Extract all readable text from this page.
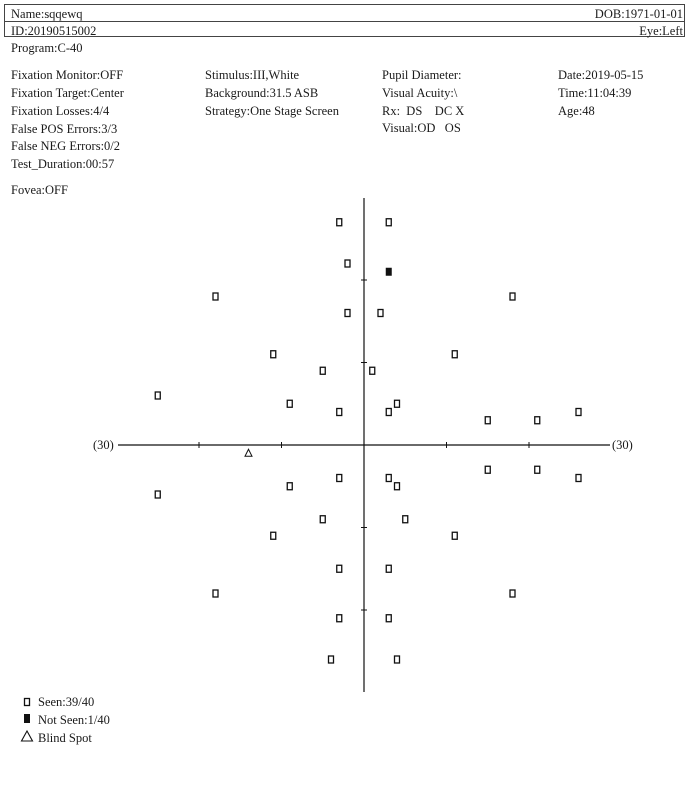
Name:sqqewq	DOB:1971-01-01
ID:20190515002	Eye:Left
Program:C-40
Fixation Monitor:OFF
Fixation Target:Center
Fixation Losses:4/4
False POS Errors:3/3
False NEG Errors:0/2
Test_Duration:00:57
Stimulus:III,White
Background:31.5 ASB
Strategy:One Stage Screen
Pupil Diameter:
Visual Acuity:\
Rx:  DS    DC X
Visual:OD   OS
Date:2019-05-15
Time:11:04:39
Age:48
Fovea:OFF
(30)	(30)
Seen:39/40
Not Seen:1/40
Blind Spot
